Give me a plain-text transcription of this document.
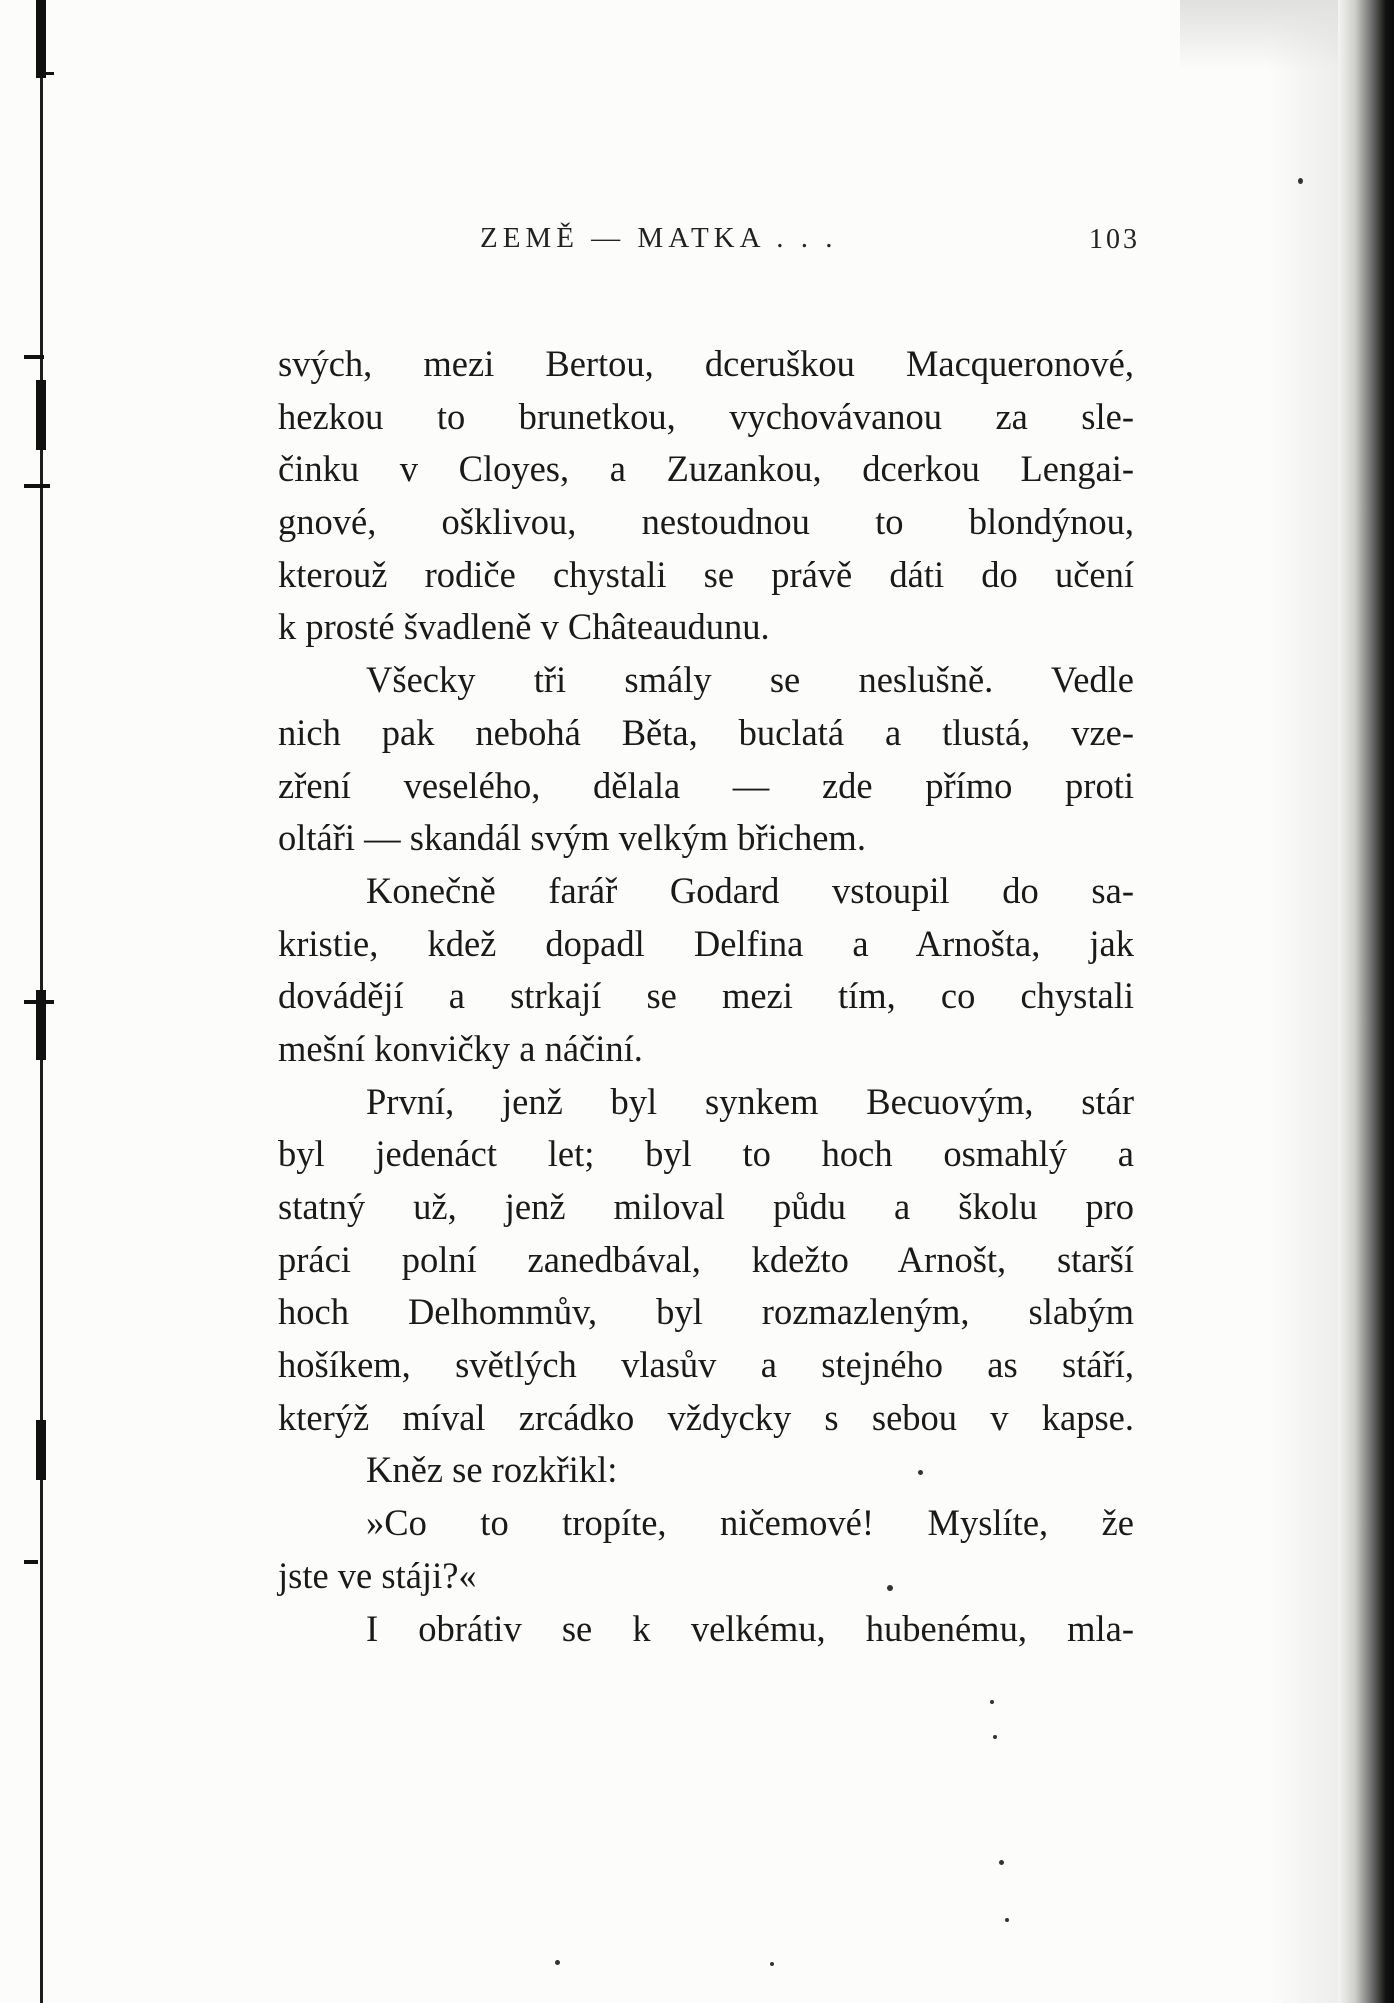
ZEMĚ — MATKA . . .	103
svých, mezi Bertou, dceruškou Macqueronové,
hezkou to brunetkou, vychovávanou za sle-
činku v Cloyes, a Zuzankou, dcerkou Lengai-
gnové, ošklivou, nestoudnou to blondýnou,
kterouž rodiče chystali se právě dáti do učení
k prosté švadleně v Châteaudunu.
Všecky tři smály se neslušně. Vedle
nich pak nebohá Běta, buclatá a tlustá, vze-
zření veselého, dělala — zde přímo proti
oltáři — skandál svým velkým břichem.
Konečně farář Godard vstoupil do sa-
kristie, kdež dopadl Delfina a Arnošta, jak
dovádějí a strkají se mezi tím, co chystali
mešní konvičky a náčiní.
První, jenž byl synkem Becuovým, stár
byl jedenáct let; byl to hoch osmahlý a
statný už, jenž miloval půdu a školu pro
práci polní zanedbával, kdežto Arnošt, starší
hoch Delhommův, byl rozmazleným, slabým
hošíkem, světlých vlasův a stejného as stáří,
kterýž míval zrcádko vždycky s sebou v kapse.
Kněz se rozkřikl:
»Co to tropíte, ničemové! Myslíte, že
jste ve stáji?«
I obrátiv se k velkému, hubenému, mla-
